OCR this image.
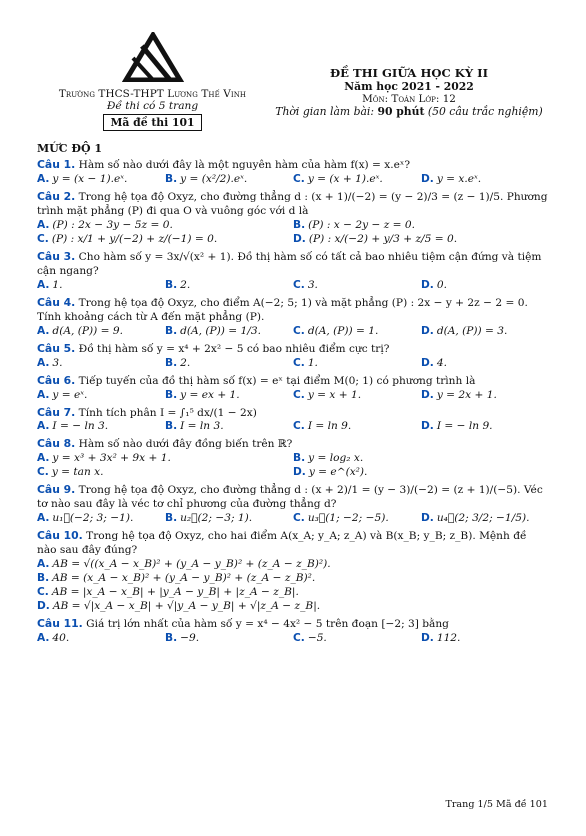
Trường THCS-THPT Lương Thế Vinh
Đề thi có 5 trang
Mã đề thi 101
ĐỀ THI GIỮA HỌC KỲ II
Năm học 2021 - 2022
Môn: Toán Lớp: 12
Thời gian làm bài: 90 phút (50 câu trắc nghiệm)
MỨC ĐỘ 1
Câu 1. Hàm số nào dưới đây là một nguyên hàm của hàm f(x) = x.eˣ?
A. y = (x − 1).eˣ.	B. y = (x²/2).eˣ.	C. y = (x + 1).eˣ.	D. y = x.eˣ.
Câu 2. Trong hệ tọa độ Oxyz, cho đường thẳng d : (x + 1)/(−2) = (y − 2)/3 = (z − 1)/5. Phương trình mặt phẳng (P) đi qua O và vuông góc với d là
A. (P) : 2x − 3y − 5z = 0.	B. (P) : x − 2y − z = 0.
C. (P) : x/1 + y/(−2) + z/(−1) = 0.	D. (P) : x/(−2) + y/3 + z/5 = 0.
Câu 3. Cho hàm số y = 3x/√(x² + 1). Đồ thị hàm số có tất cả bao nhiêu tiệm cận đứng và tiệm cận ngang?
A. 1.	B. 2.	C. 3.	D. 0.
Câu 4. Trong hệ tọa độ Oxyz, cho điểm A(−2; 5; 1) và mặt phẳng (P) : 2x − y + 2z − 2 = 0. Tính khoảng cách từ A đến mặt phẳng (P).
A. d(A, (P)) = 9.	B. d(A, (P)) = 1/3.	C. d(A, (P)) = 1.	D. d(A, (P)) = 3.
Câu 5. Đồ thị hàm số y = x⁴ + 2x² − 5 có bao nhiêu điểm cực trị?
A. 3.	B. 2.	C. 1.	D. 4.
Câu 6. Tiếp tuyến của đồ thị hàm số f(x) = eˣ tại điểm M(0; 1) có phương trình là
A. y = eˣ.	B. y = ex + 1.	C. y = x + 1.	D. y = 2x + 1.
Câu 7. Tính tích phân I = ∫₁⁵ dx/(1 − 2x)
A. I = − ln 3.	B. I = ln 3.	C. I = ln 9.	D. I = − ln 9.
Câu 8. Hàm số nào dưới đây đồng biến trên ℝ?
A. y = x³ + 3x² + 9x + 1.	B. y = log₂ x.
C. y = tan x.	D. y = e^(x²).
Câu 9. Trong hệ tọa độ Oxyz, cho đường thẳng d : (x + 2)/1 = (y − 3)/(−2) = (z + 1)/(−5). Véc tơ nào sau đây là véc tơ chỉ phương của đường thẳng d?
A. u₁⃗(−2; 3; −1).	B. u₂⃗(2; −3; 1).	C. u₃⃗(1; −2; −5).	D. u₄⃗(2; 3/2; −1/5).
Câu 10. Trong hệ tọa độ Oxyz, cho hai điểm A(x_A; y_A; z_A) và B(x_B; y_B; z_B). Mệnh đề nào sau đây đúng?
A. AB = √((x_A − x_B)² + (y_A − y_B)² + (z_A − z_B)²).
B. AB = (x_A − x_B)² + (y_A − y_B)² + (z_A − z_B)².
C. AB = |x_A − x_B| + |y_A − y_B| + |z_A − z_B|.
D. AB = √|x_A − x_B| + √|y_A − y_B| + √|z_A − z_B|.
Câu 11. Giá trị lớn nhất của hàm số y = x⁴ − 4x² − 5 trên đoạn [−2; 3] bằng
A. 40.	B. −9.	C. −5.	D. 112.
Trang 1/5 Mã đề 101
